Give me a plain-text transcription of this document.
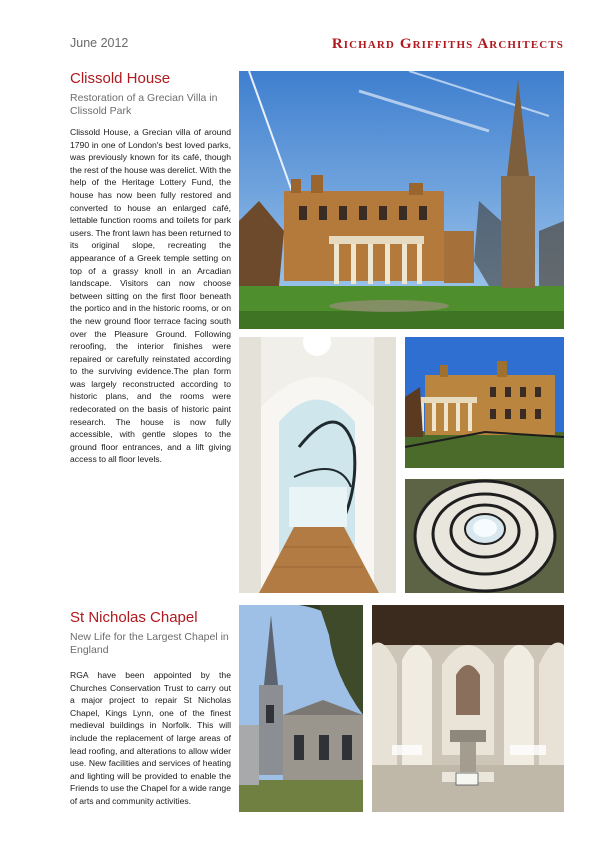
June 2012	Richard Griffiths Architects
Clissold House
Restoration of a Grecian Villa in Clissold Park
Clissold House, a Grecian villa of around 1790 in one of London's best loved parks, was previously known for its café, though the rest of the house was derelict. With the help of the Heritage Lottery Fund, the house has now been fully restored and converted to house an enlarged café, lettable function rooms and toilets for park users. The front lawn has been returned to its original slope, recreating the appearance of a Greek temple setting on top of a grassy knoll in an Arcadian landscape. Visitors can now choose between sitting on the first floor beneath the portico and in the historic rooms, or on the new ground floor terrace facing south over the Pleasure Ground. Following reroofing, the interior finishes were repaired or carefully reinstated according to the surviving evidence.The plan form was largely reconstructed according to historic plans, and the rooms were redecorated on the basis of historic paint research. The house is now fully accessible, with gentle slopes to the ground floor entrances, and a lift giving access to all floor levels.
St Nicholas Chapel
New Life for the Largest Chapel in England
RGA have been appointed by the Churches Conservation Trust to carry out a major project to repair St Nicholas Chapel, Kings Lynn, one of the finest medieval buildings in Norfolk. This will include the replacement of large areas of lead roofing, and alterations to allow wider use. New facilities and services of heating and lighting will be provided to enable the Friends to use the Chapel for a wide range of arts and community activities.
